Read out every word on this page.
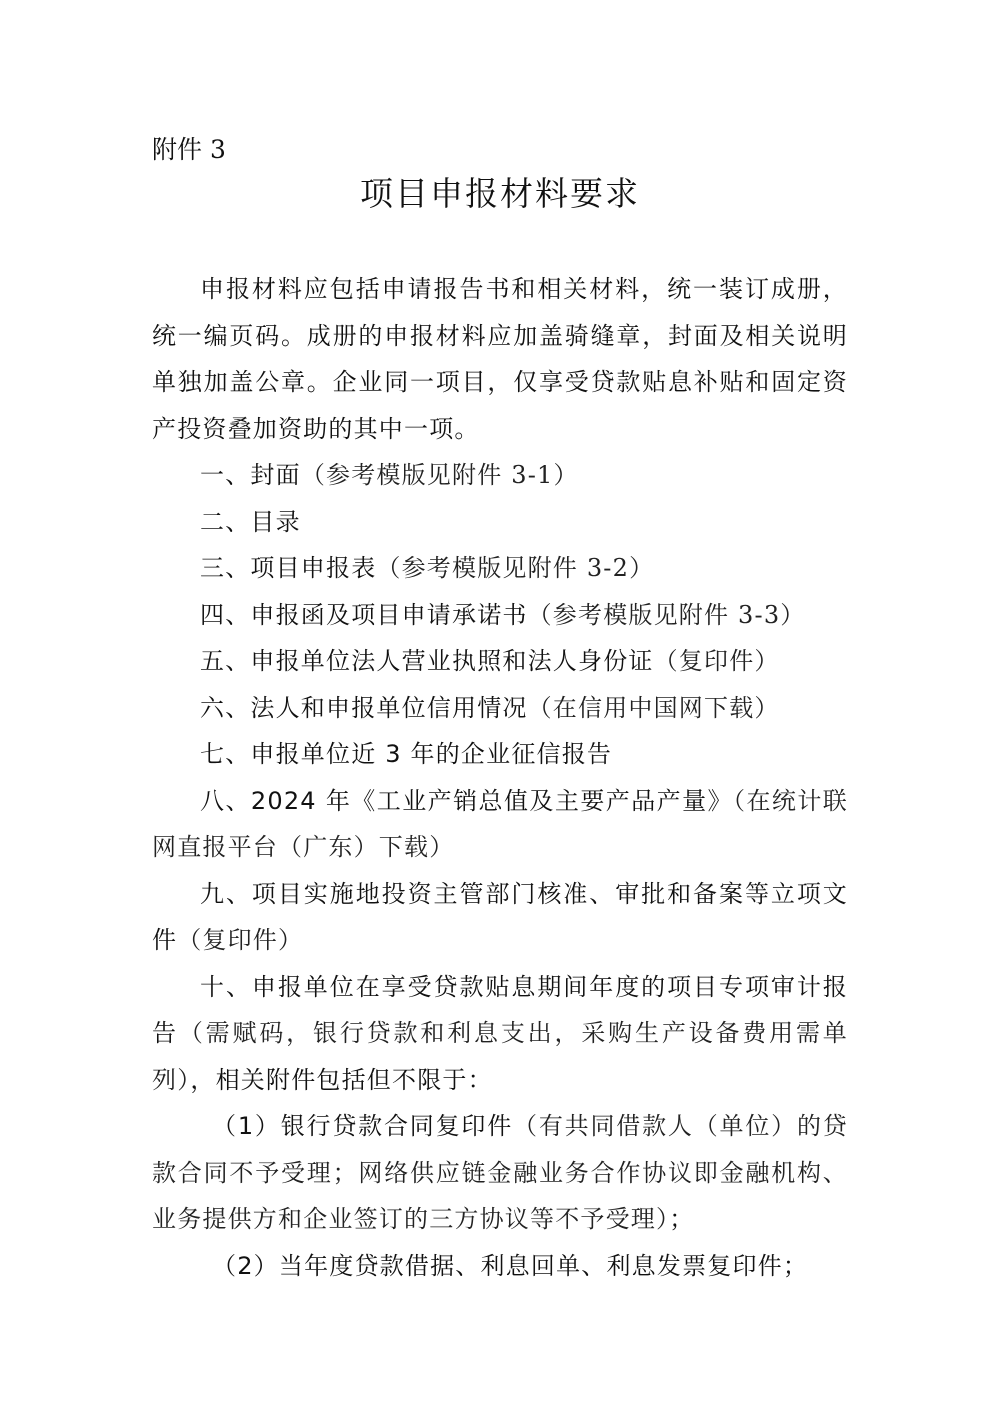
附件 3
项目申报材料要求

申报材料应包括申请报告书和相关材料，统一装订成册，统一编页码。成册的申报材料应加盖骑缝章，封面及相关说明单独加盖公章。企业同一项目，仅享受贷款贴息补贴和固定资产投资叠加资助的其中一项。

一、封面（参考模版见附件 3-1）

二、目录

三、项目申报表（参考模版见附件 3-2）

四、申报函及项目申请承诺书（参考模版见附件 3-3）

五、申报单位法人营业执照和法人身份证（复印件）

六、法人和申报单位信用情况（在信用中国网下载）

七、申报单位近 3 年的企业征信报告

八、2024 年《工业产销总值及主要产品产量》（在统计联网直报平台（广东）下载）

九、项目实施地投资主管部门核准、审批和备案等立项文件（复印件）

十、申报单位在享受贷款贴息期间年度的项目专项审计报告（需赋码，银行贷款和利息支出，采购生产设备费用需单列），相关附件包括但不限于：

（1）银行贷款合同复印件（有共同借款人（单位）的贷款合同不予受理；网络供应链金融业务合作协议即金融机构、业务提供方和企业签订的三方协议等不予受理）；

（2）当年度贷款借据、利息回单、利息发票复印件；
